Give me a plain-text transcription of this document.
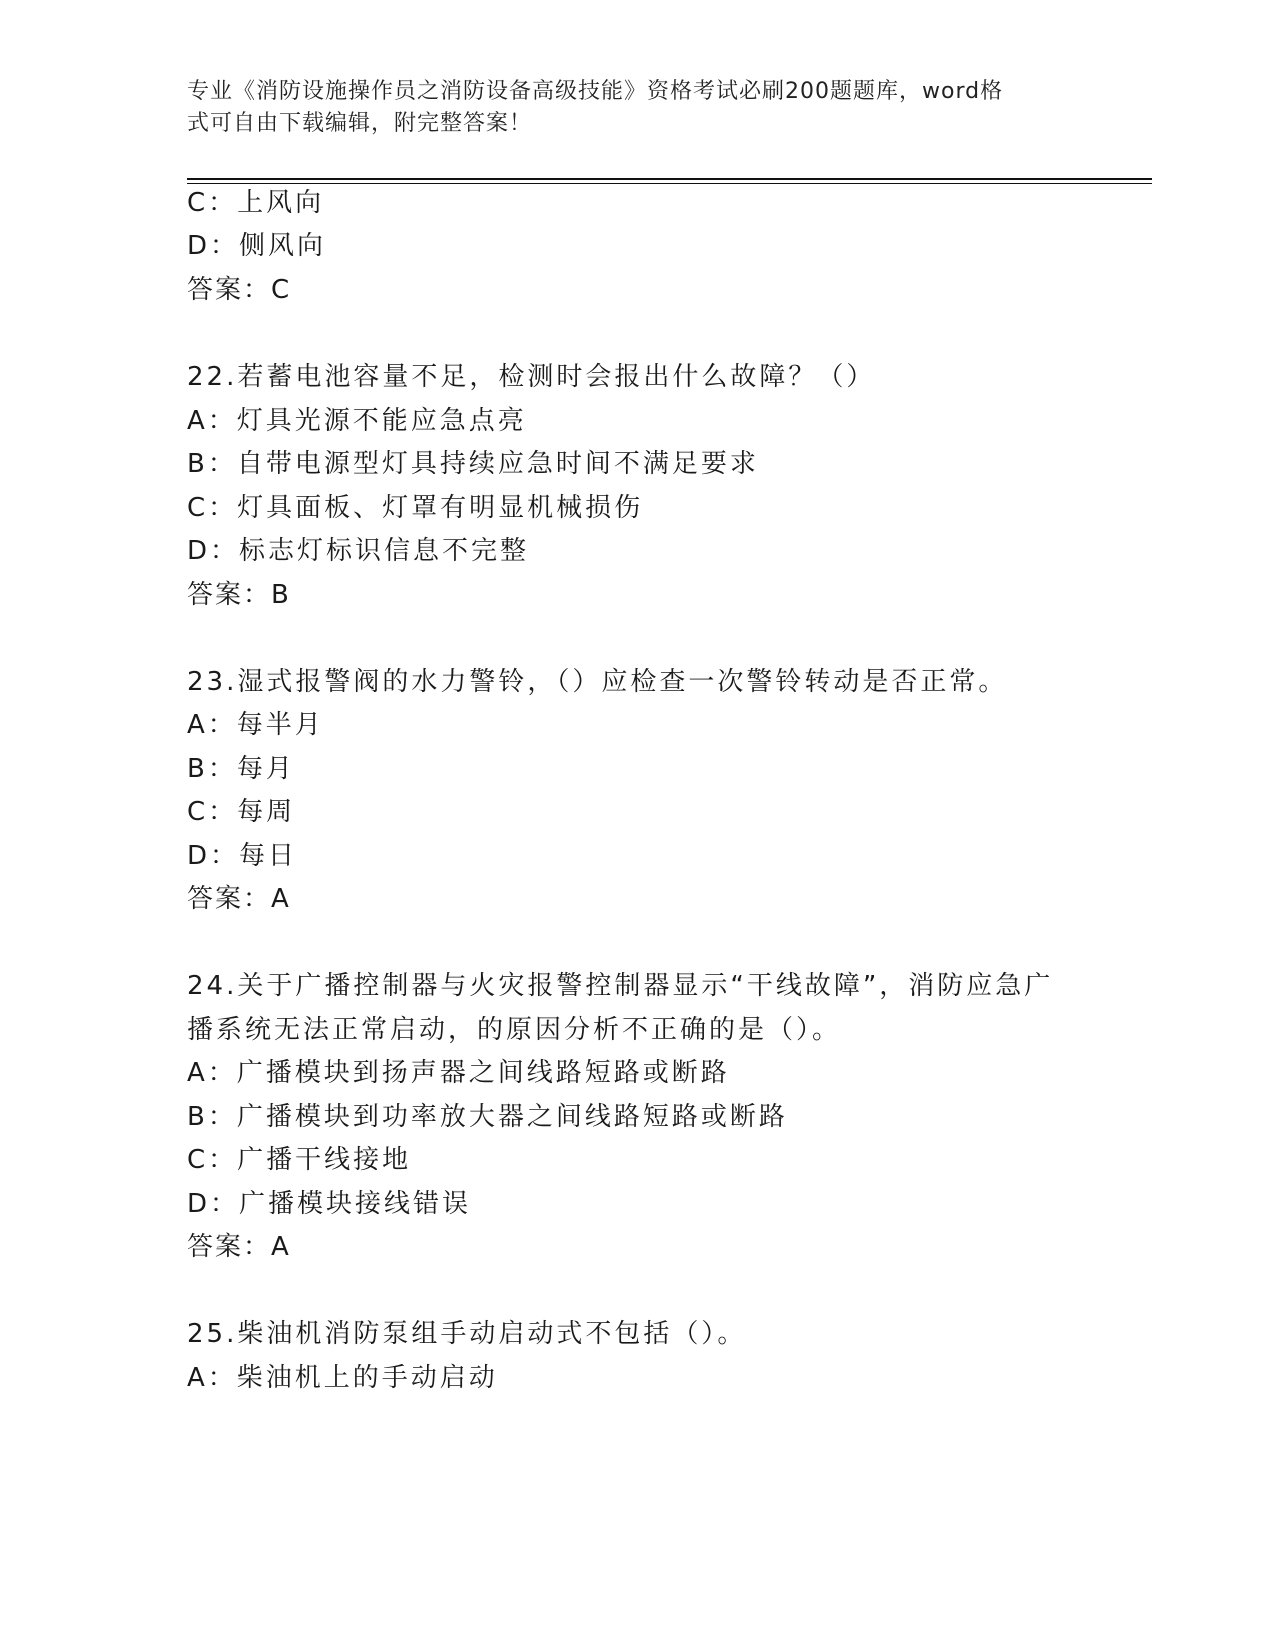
专业《消防设施操作员之消防设备高级技能》资格考试必刷200题题库，word格
式可自由下载编辑，附完整答案！
C：上风向
D：侧风向
答案：C
22.若蓄电池容量不足，检测时会报出什么故障？（）
A：灯具光源不能应急点亮
B：自带电源型灯具持续应急时间不满足要求
C：灯具面板、灯罩有明显机械损伤
D：标志灯标识信息不完整
答案：B
23.湿式报警阀的水力警铃，（）应检查一次警铃转动是否正常。
A：每半月
B：每月
C：每周
D：每日
答案：A
24.关于广播控制器与火灾报警控制器显示“干线故障”，消防应急广
播系统无法正常启动，的原因分析不正确的是（）。
A：广播模块到扬声器之间线路短路或断路
B：广播模块到功率放大器之间线路短路或断路
C：广播干线接地
D：广播模块接线错误
答案：A
25.柴油机消防泵组手动启动式不包括（）。
A：柴油机上的手动启动
